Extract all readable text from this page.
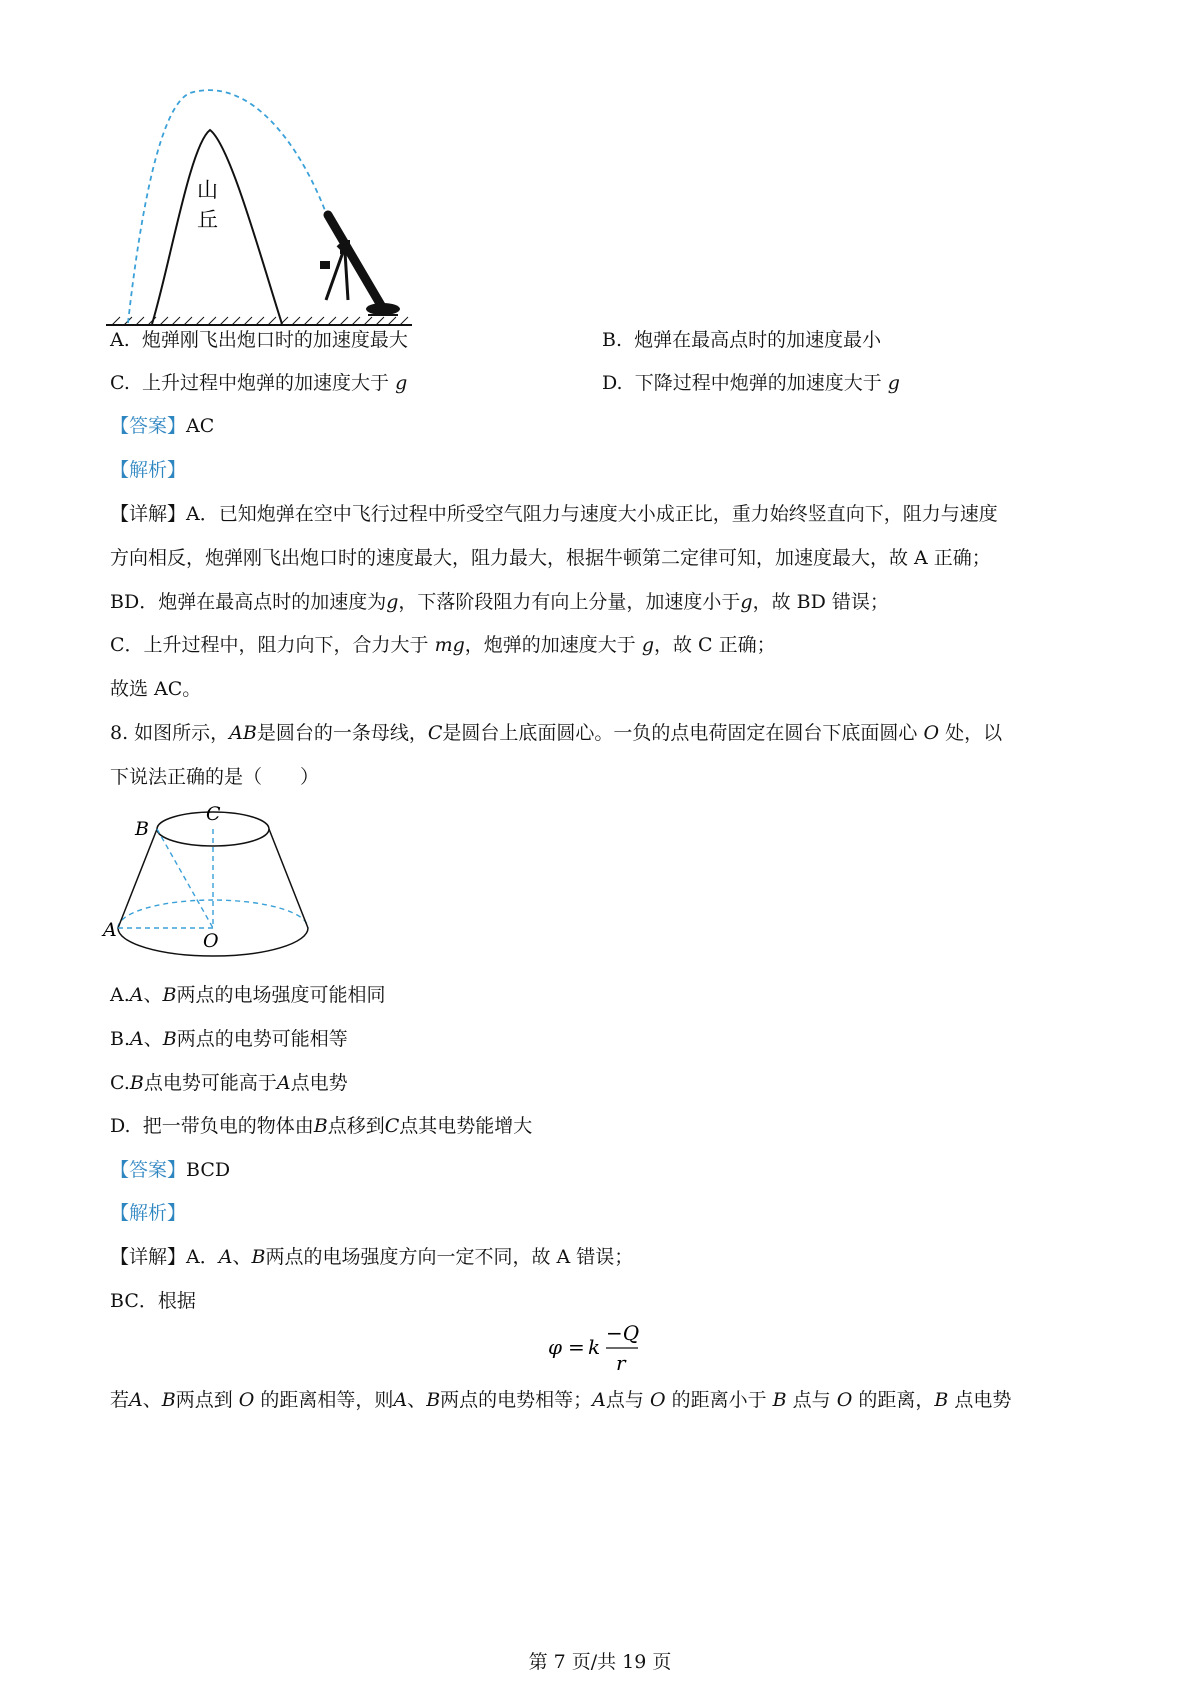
山
丘
A. 炮弹刚飞出炮口时的加速度最大	B. 炮弹在最高点时的加速度最小
C. 上升过程中炮弹的加速度大于 g	D. 下降过程中炮弹的加速度大于 g
【答案】AC
【解析】
【详解】A．已知炮弹在空中飞行过程中所受空气阻力与速度大小成正比，重力始终竖直向下，阻力与速度
方向相反，炮弹刚飞出炮口时的速度最大，阻力最大，根据牛顿第二定律可知，加速度最大，故 A 正确；
BD．炮弹在最高点时的加速度为g，下落阶段阻力有向上分量，加速度小于g，故 BD 错误；
C．上升过程中，阻力向下，合力大于 mg，炮弹的加速度大于 g，故 C 正确；
故选 AC。
8. 如图所示，AB是圆台的一条母线，C是圆台上底面圆心。一负的点电荷固定在圆台下底面圆心 O 处，以
下说法正确的是（　　）
B
C
A	O
A.A、B两点的电场强度可能相同
B.A、B两点的电势可能相等
C.B点电势可能高于A点电势
D. 把一带负电的物体由B点移到C点其电势能增大
【答案】BCD
【解析】
【详解】A．A、B两点的电场强度方向一定不同，故 A 错误；
BC．根据
φ = k
−Q
r
若A、B两点到 O 的距离相等，则A、B两点的电势相等；A点与 O 的距离小于 B 点与 O 的距离，B 点电势
第 7 页/共 19 页
